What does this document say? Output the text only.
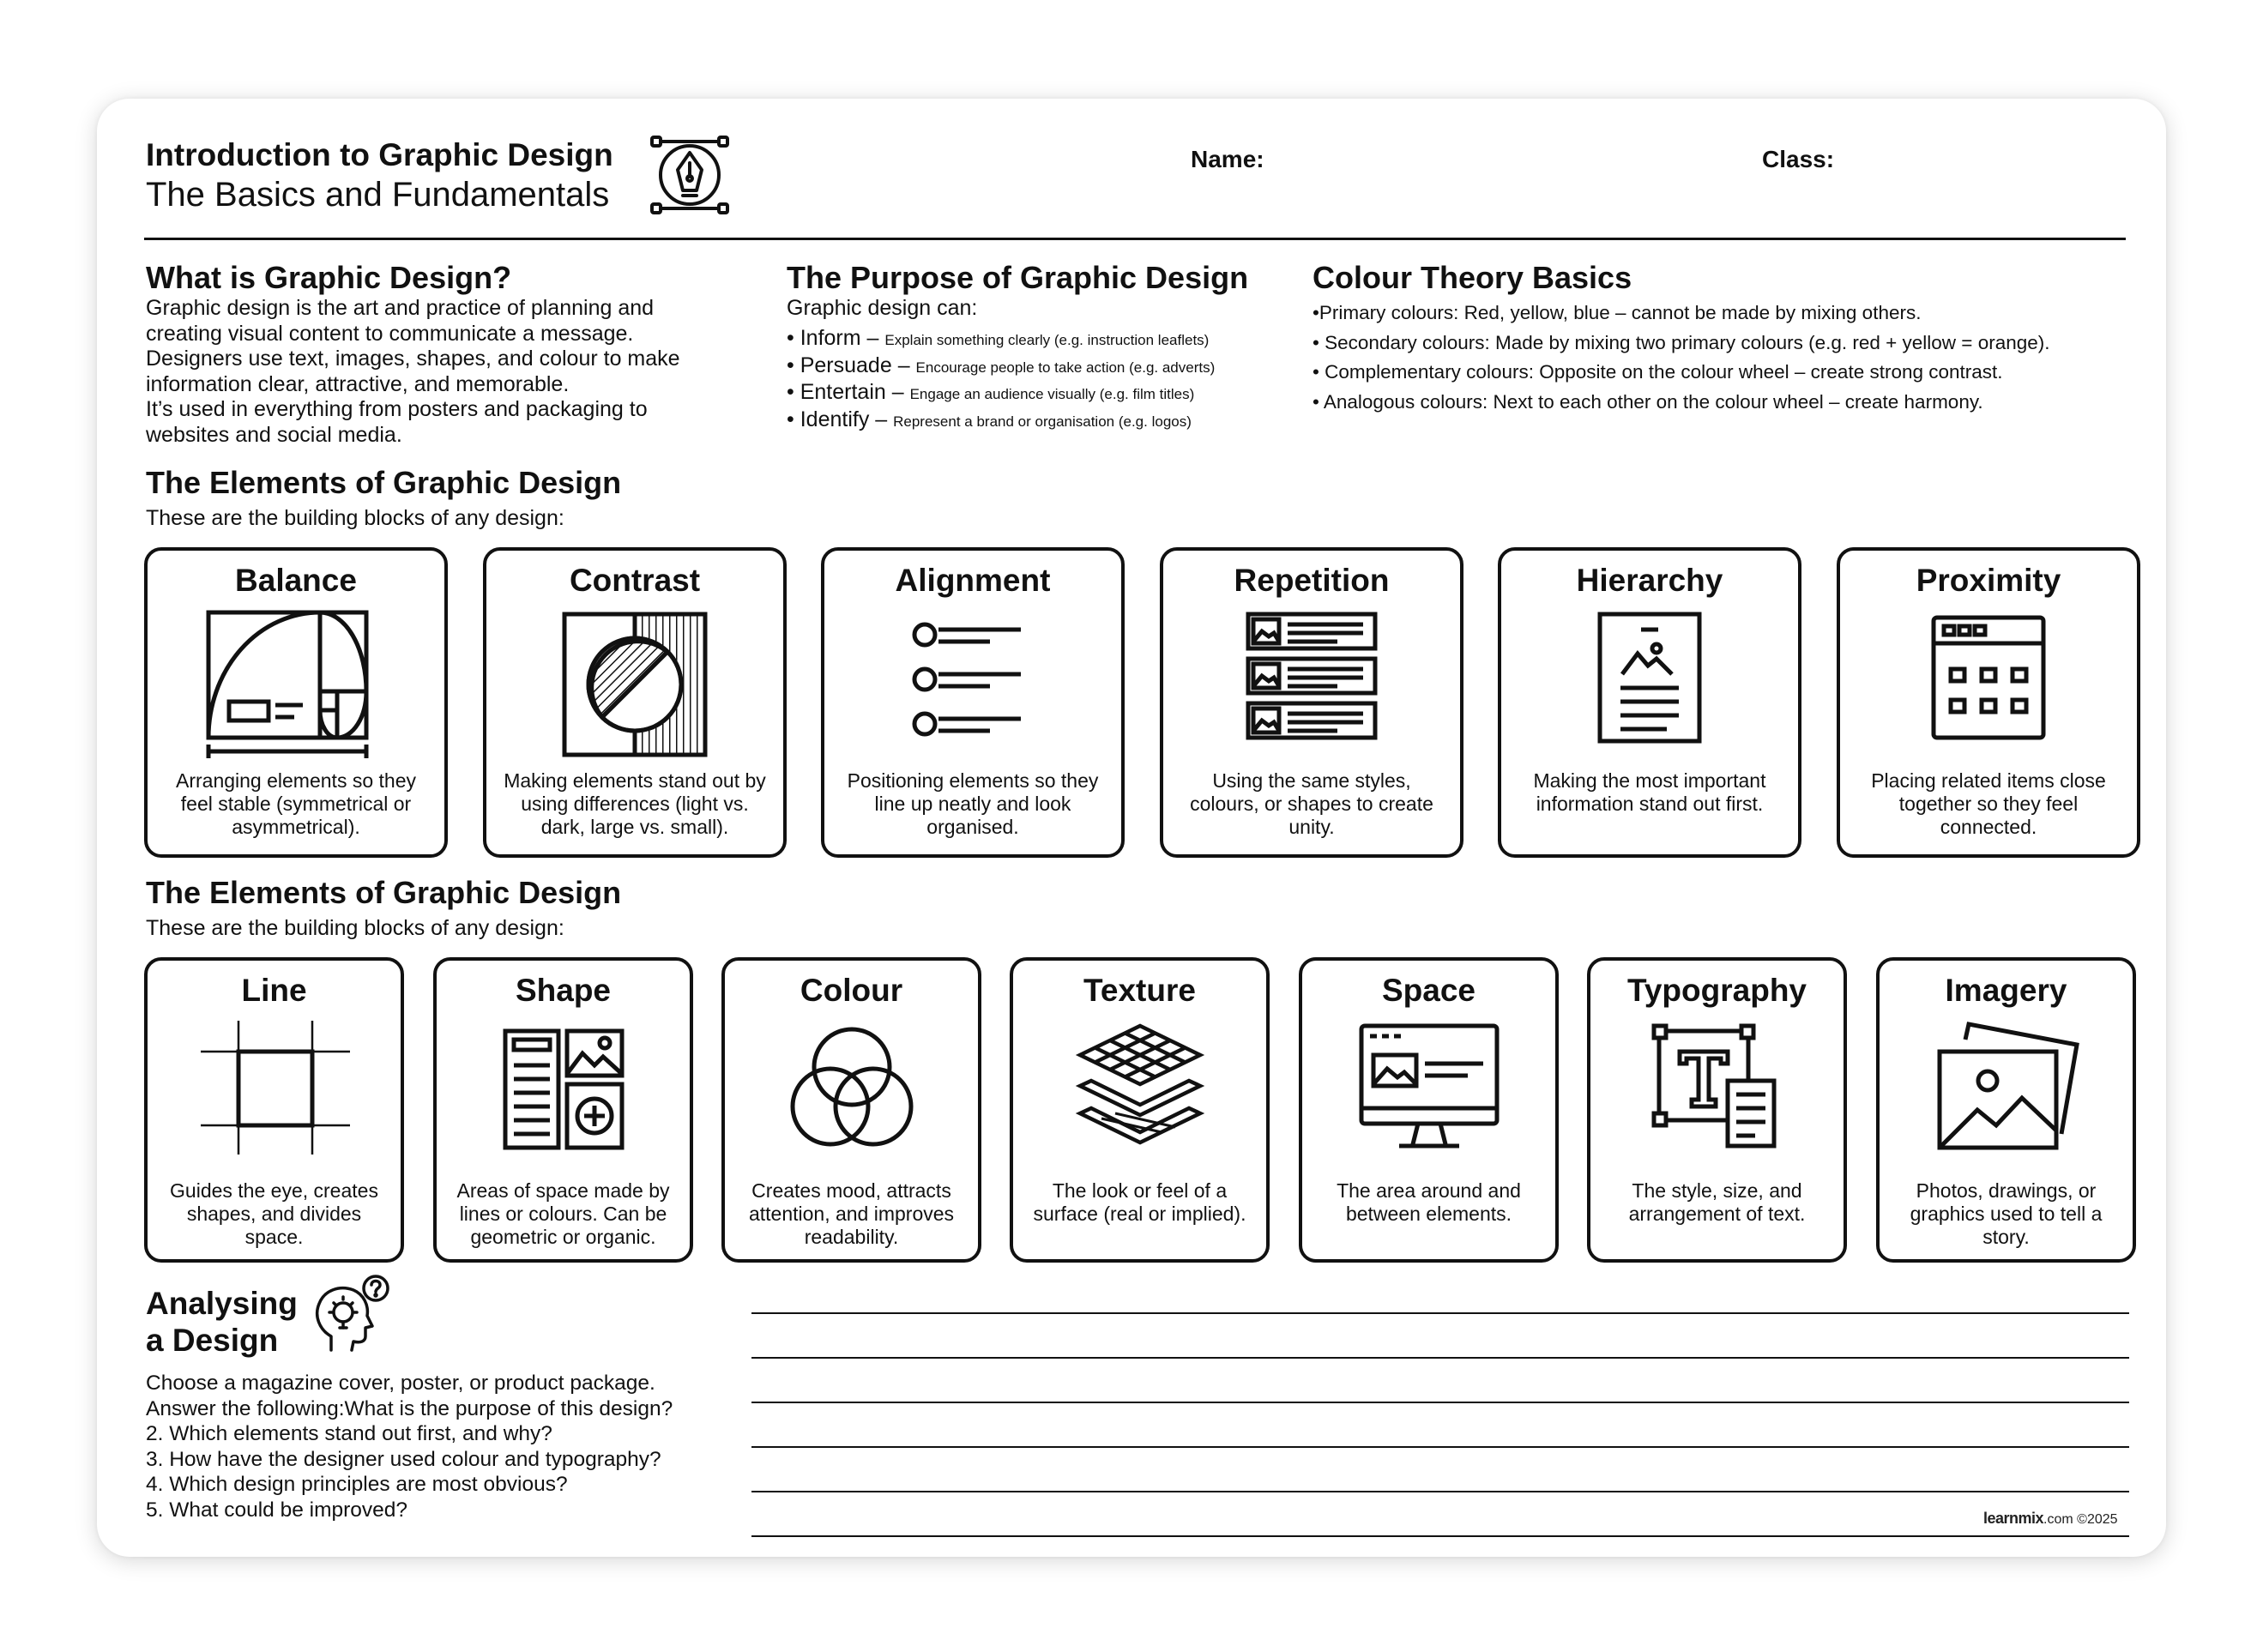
Introduction to Graphic Design
The Basics and Fundamentals
Name:	Class:
What is Graphic Design?
Graphic design is the art and practice of planning and
creating visual content to communicate a message.
Designers use text, images, shapes, and colour to make
information clear, attractive, and memorable.
It’s used in everything from posters and packaging to
websites and social media.
The Purpose of Graphic Design
Graphic design can:
• Inform – Explain something clearly (e.g. instruction leaflets)
• Persuade – Encourage people to take action (e.g. adverts)
• Entertain – Engage an audience visually (e.g. film titles)
• Identify – Represent a brand or organisation (e.g. logos)
Colour Theory Basics
•Primary colours: Red, yellow, blue – cannot be made by mixing others.
• Secondary colours: Made by mixing two primary colours (e.g. red + yellow = orange).
• Complementary colours: Opposite on the colour wheel – create strong contrast.
• Analogous colours: Next to each other on the colour wheel – create harmony.
The Elements of Graphic Design
These are the building blocks of any design:
Balance
Arranging elements so they feel stable (symmetrical or asymmetrical).
Contrast
Making elements stand out by using differences (light vs. dark, large vs. small).
Alignment
Positioning elements so they line up neatly and look organised.
Repetition
Using the same styles, colours, or shapes to create unity.
Hierarchy
Making the most important information stand out first.
Proximity
Placing related items close together so they feel connected.
The Elements of Graphic Design
These are the building blocks of any design:
Line
Guides the eye, creates shapes, and divides space.
Shape
Areas of space made by lines or colours. Can be geometric or organic.
Colour
Creates mood, attracts attention, and improves readability.
Texture
The look or feel of a surface (real or implied).
Space
The area around and between elements.
Typography
The style, size, and arrangement of text.
Imagery
Photos, drawings, or graphics used to tell a story.
Analysing
a Design
Choose a magazine cover, poster, or product package.
Answer the following:What is the purpose of this design?
2. Which elements stand out first, and why?
3. How have the designer used colour and typography?
4. Which design principles are most obvious?
5. What could be improved?	learnmix.com ©2025
